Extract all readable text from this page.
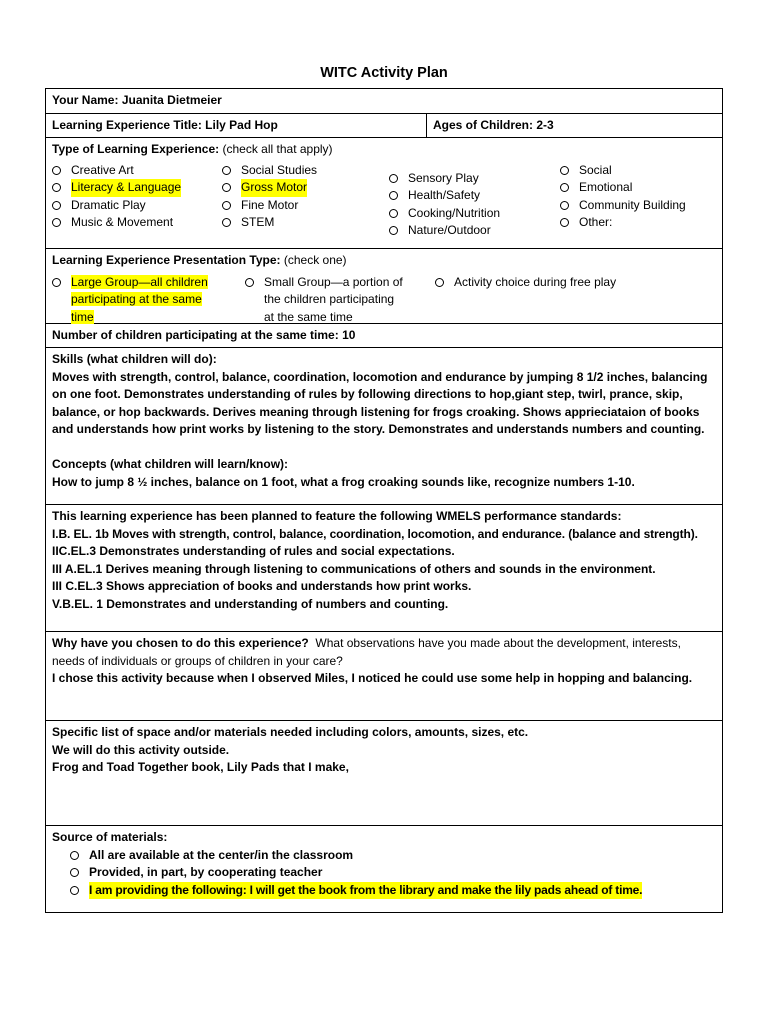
WITC Activity Plan
Your Name: Juanita Dietmeier
Learning Experience Title: Lily Pad Hop	Ages of Children: 2-3
Type of Learning Experience: (check all that apply)
Creative Art
Literacy & Language
Dramatic Play
Music & Movement
Social Studies
Gross Motor
Fine Motor
STEM
Sensory Play
Health/Safety
Cooking/Nutrition
Nature/Outdoor
Social
Emotional
Community Building
Other:
Learning Experience Presentation Type: (check one)
Large Group—all children
participating at the same
time
Small Group—a portion of
the children participating
at the same time
Activity choice during free play
Number of children participating at the same time: 10
Skills (what children will do):
Moves with strength, control, balance, coordination, locomotion and endurance by jumping 8 1/2 inches, balancing
on one foot. Demonstrates understanding of rules by following directions to hop,giant step, twirl, prance, skip,
balance, or hop backwards. Derives meaning through listening for frogs croaking. Shows apprieciataion of books
and understands how print works by listening to the story. Demonstrates and understands numbers and counting.
Concepts (what children will learn/know):
How to jump 8 ½ inches, balance on 1 foot, what a frog croaking sounds like, recognize numbers 1-10.
This learning experience has been planned to feature the following WMELS performance standards:
I.B. EL. 1b Moves with strength, control, balance, coordination, locomotion, and endurance. (balance and strength).
IIC.EL.3 Demonstrates understanding of rules and social expectations.
III A.EL.1 Derives meaning through listening to communications of others and sounds in the environment.
III C.EL.3 Shows appreciation of books and understands how print works.
V.B.EL. 1 Demonstrates and understanding of numbers and counting.
Why have you chosen to do this experience? What observations have you made about the development, interests,
needs of individuals or groups of children in your care?
I chose this activity because when I observed Miles, I noticed he could use some help in hopping and balancing.
Specific list of space and/or materials needed including colors, amounts, sizes, etc.
We will do this activity outside.
Frog and Toad Together book, Lily Pads that I make,
Source of materials:
All are available at the center/in the classroom
Provided, in part, by cooperating teacher
I am providing the following: I will get the book from the library and make the lily pads ahead of time.
